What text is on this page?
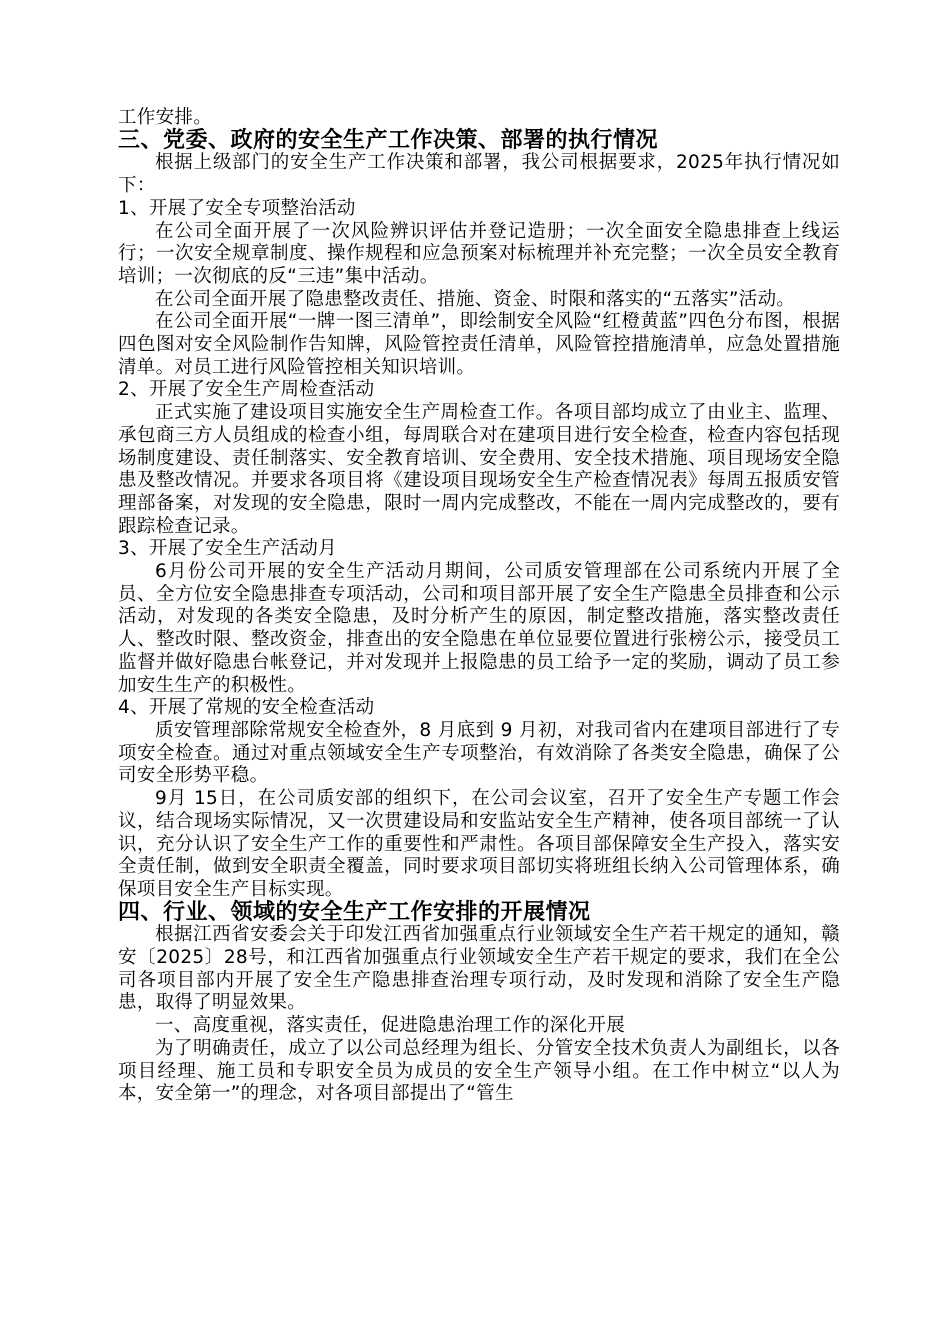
工作安排。

三、党委、政府的安全生产工作决策、部署的执行情况

根据上级部门的安全生产工作决策和部署，我公司根据要求，2025年执行情况如下：

1、开展了安全专项整治活动

在公司全面开展了一次风险辨识评估并登记造册；一次全面安全隐患排查上线运行；一次安全规章制度、操作规程和应急预案对标梳理并补充完整；一次全员安全教育培训；一次彻底的反“三违”集中活动。

在公司全面开展了隐患整改责任、措施、资金、时限和落实的“五落实”活动。

在公司全面开展“一牌一图三清单”，即绘制安全风险“红橙黄蓝”四色分布图，根据四色图对安全风险制作告知牌，风险管控责任清单，风险管控措施清单，应急处置措施清单。对员工进行风险管控相关知识培训。

2、开展了安全生产周检查活动

正式实施了建设项目实施安全生产周检查工作。各项目部均成立了由业主、监理、承包商三方人员组成的检查小组，每周联合对在建项目进行安全检查，检查内容包括现场制度建设、责任制落实、安全教育培训、安全费用、安全技术措施、项目现场安全隐患及整改情况。并要求各项目将《建设项目现场安全生产检查情况表》每周五报质安管理部备案，对发现的安全隐患，限时一周内完成整改，不能在一周内完成整改的，要有跟踪检查记录。

3、开展了安全生产活动月

6月份公司开展的安全生产活动月期间，公司质安管理部在公司系统内开展了全员、全方位安全隐患排查专项活动，公司和项目部开展了安全生产隐患全员排查和公示活动，对发现的各类安全隐患，及时分析产生的原因，制定整改措施，落实整改责任人、整改时限、整改资金，排查出的安全隐患在单位显要位置进行张榜公示，接受员工监督并做好隐患台帐登记，并对发现并上报隐患的员工给予一定的奖励，调动了员工参加安生生产的积极性。

4、开展了常规的安全检查活动

质安管理部除常规安全检查外，8 月底到 9 月初，对我司省内在建项目部进行了专项安全检查。通过对重点领域安全生产专项整治，有效消除了各类安全隐患，确保了公司安全形势平稳。

9月 15日，在公司质安部的组织下，在公司会议室，召开了安全生产专题工作会议，结合现场实际情况，又一次贯建设局和安监站安全生产精神，使各项目部统一了认识，充分认识了安全生产工作的重要性和严肃性。各项目部保障安全生产投入，落实安全责任制，做到安全职责全覆盖，同时要求项目部切实将班组长纳入公司管理体系，确保项目安全生产目标实现。

四、行业、领域的安全生产工作安排的开展情况

根据江西省安委会关于印发江西省加强重点行业领域安全生产若干规定的通知，赣安〔2025〕28号，和江西省加强重点行业领域安全生产若干规定的要求，我们在全公司各项目部内开展了安全生产隐患排查治理专项行动，及时发现和消除了安全生产隐患，取得了明显效果。

一、高度重视，落实责任，促进隐患治理工作的深化开展

为了明确责任，成立了以公司总经理为组长、分管安全技术负责人为副组长，以各项目经理、施工员和专职安全员为成员的安全生产领导小组。在工作中树立“以人为本，安全第一”的理念，对各项目部提出了“管生
